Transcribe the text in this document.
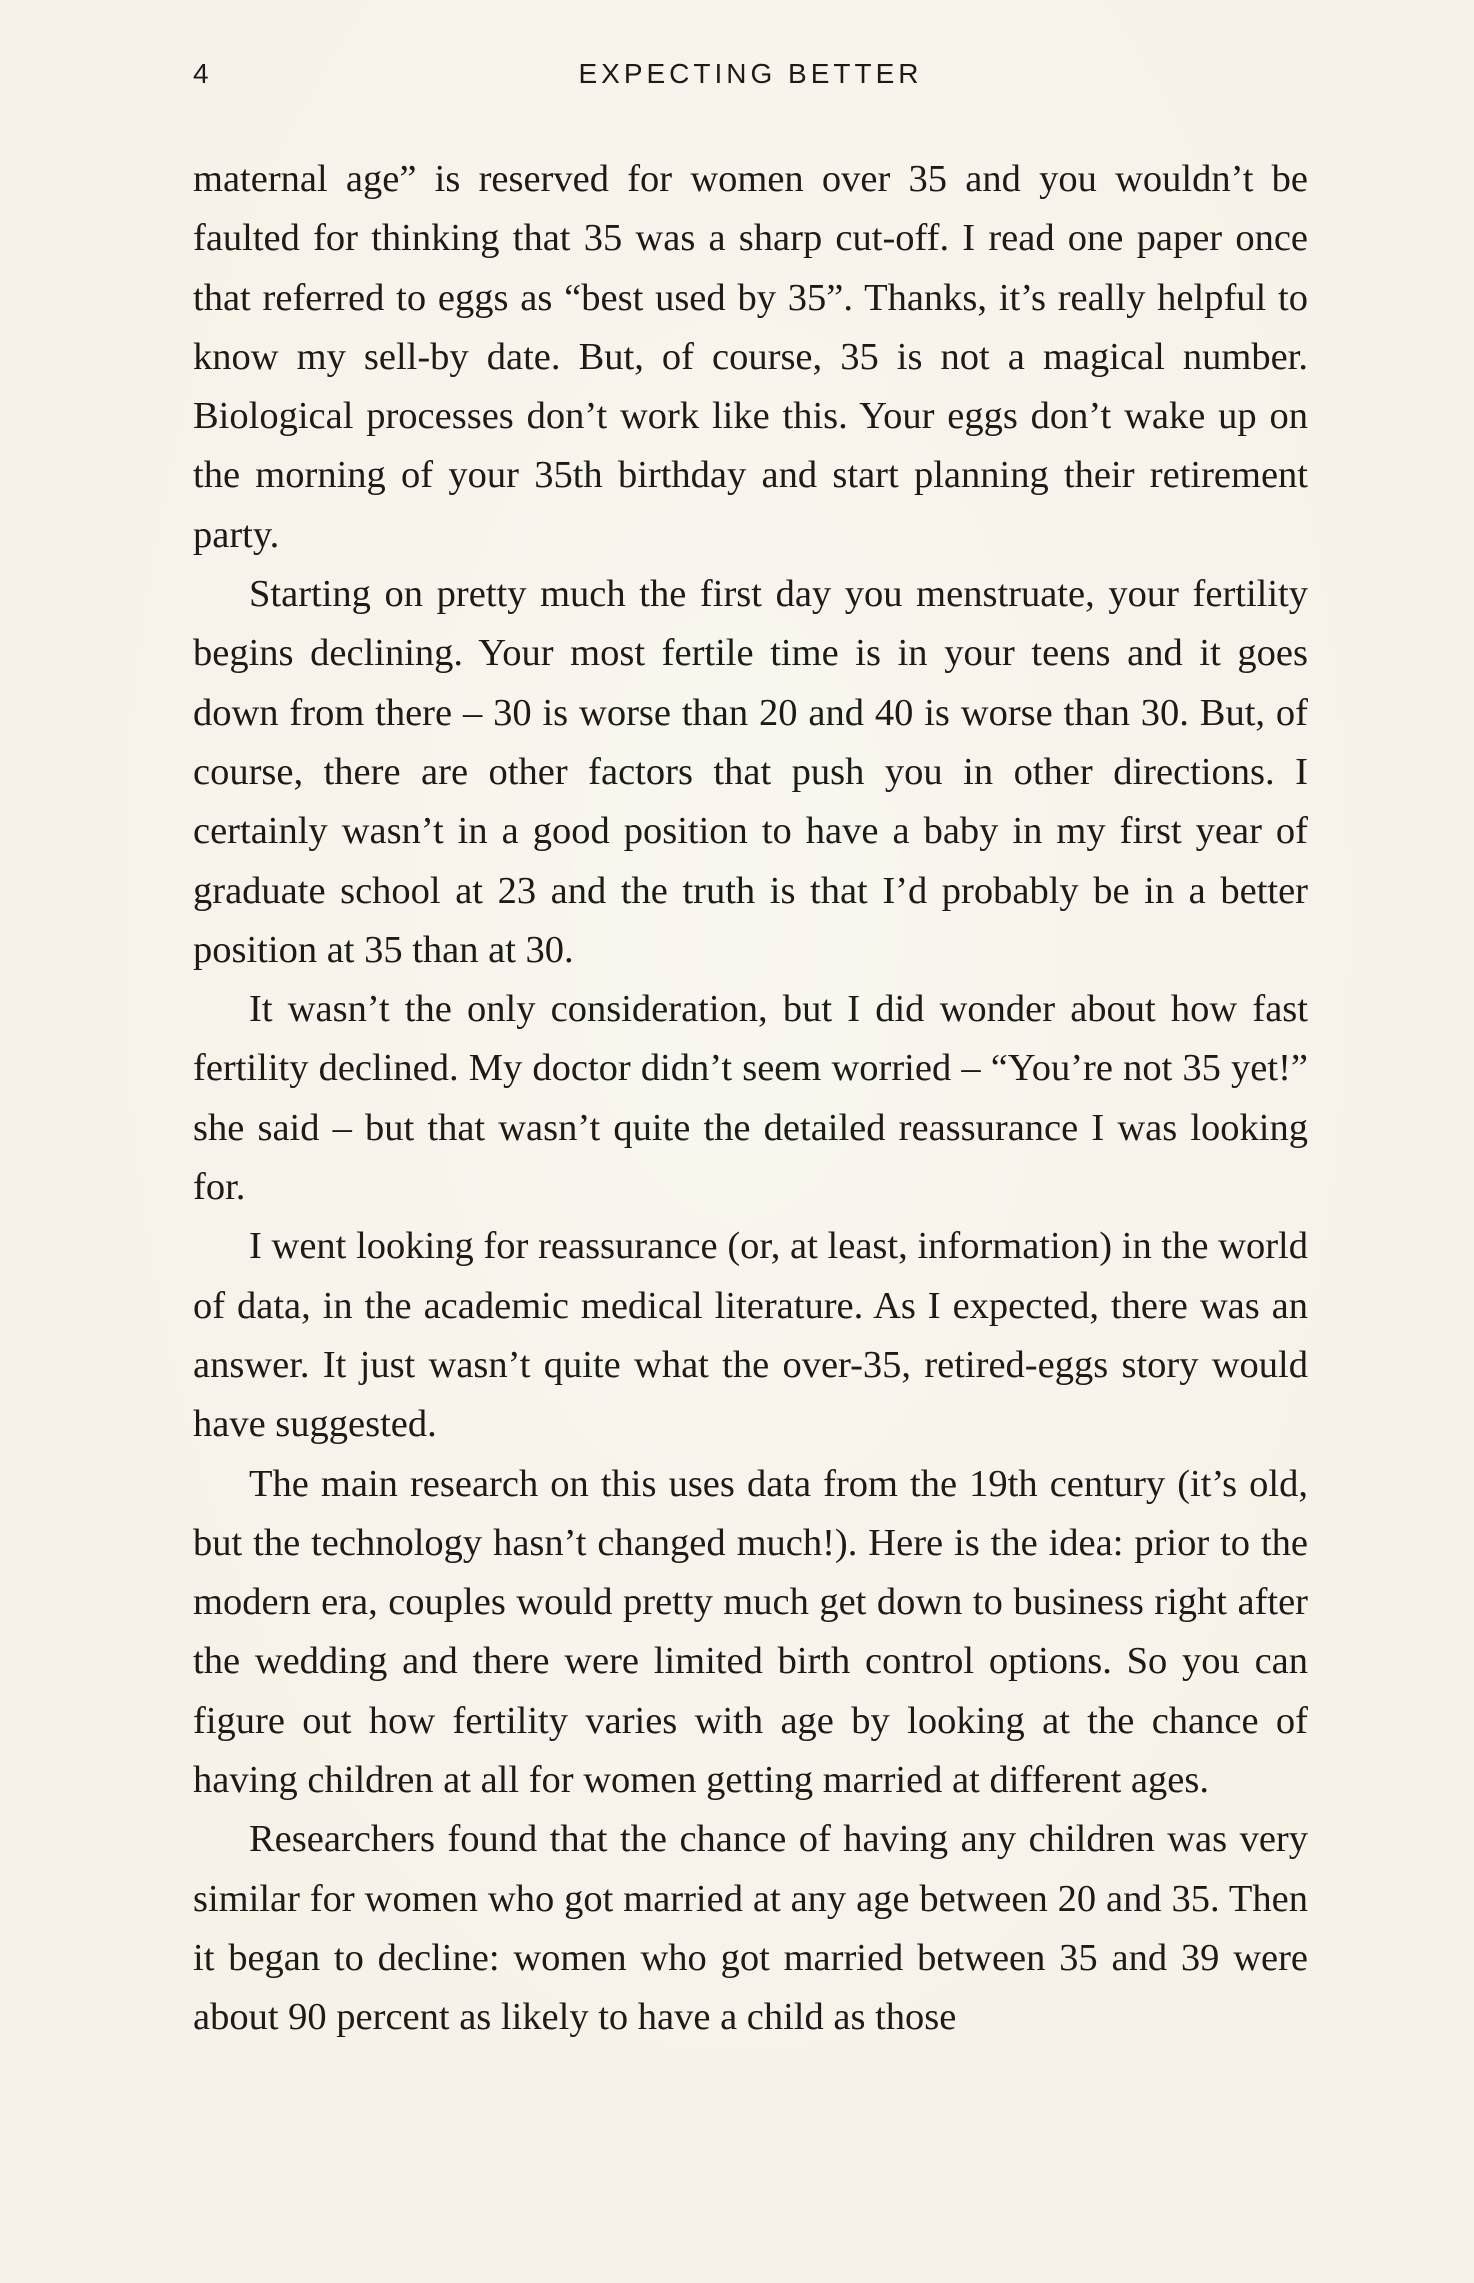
4	EXPECTING BETTER

maternal age” is reserved for women over 35 and you wouldn’t be faulted for thinking that 35 was a sharp cut-off. I read one paper once that referred to eggs as “best used by 35”. Thanks, it’s really helpful to know my sell-by date. But, of course, 35 is not a magical number. Biological processes don’t work like this. Your eggs don’t wake up on the morning of your 35th birthday and start planning their retirement party.

Starting on pretty much the first day you menstruate, your fertility begins declining. Your most fertile time is in your teens and it goes down from there – 30 is worse than 20 and 40 is worse than 30. But, of course, there are other factors that push you in other directions. I certainly wasn’t in a good position to have a baby in my first year of graduate school at 23 and the truth is that I’d probably be in a better position at 35 than at 30.

It wasn’t the only consideration, but I did wonder about how fast fertility declined. My doctor didn’t seem worried – “You’re not 35 yet!” she said – but that wasn’t quite the detailed reassurance I was looking for.

I went looking for reassurance (or, at least, information) in the world of data, in the academic medical literature. As I expected, there was an answer. It just wasn’t quite what the over-35, retired-eggs story would have suggested.

The main research on this uses data from the 19th century (it’s old, but the technology hasn’t changed much!). Here is the idea: prior to the modern era, couples would pretty much get down to business right after the wedding and there were limited birth control options. So you can figure out how fertility varies with age by looking at the chance of having children at all for women getting married at different ages.

Researchers found that the chance of having any children was very similar for women who got married at any age between 20 and 35. Then it began to decline: women who got married between 35 and 39 were about 90 percent as likely to have a child as those
